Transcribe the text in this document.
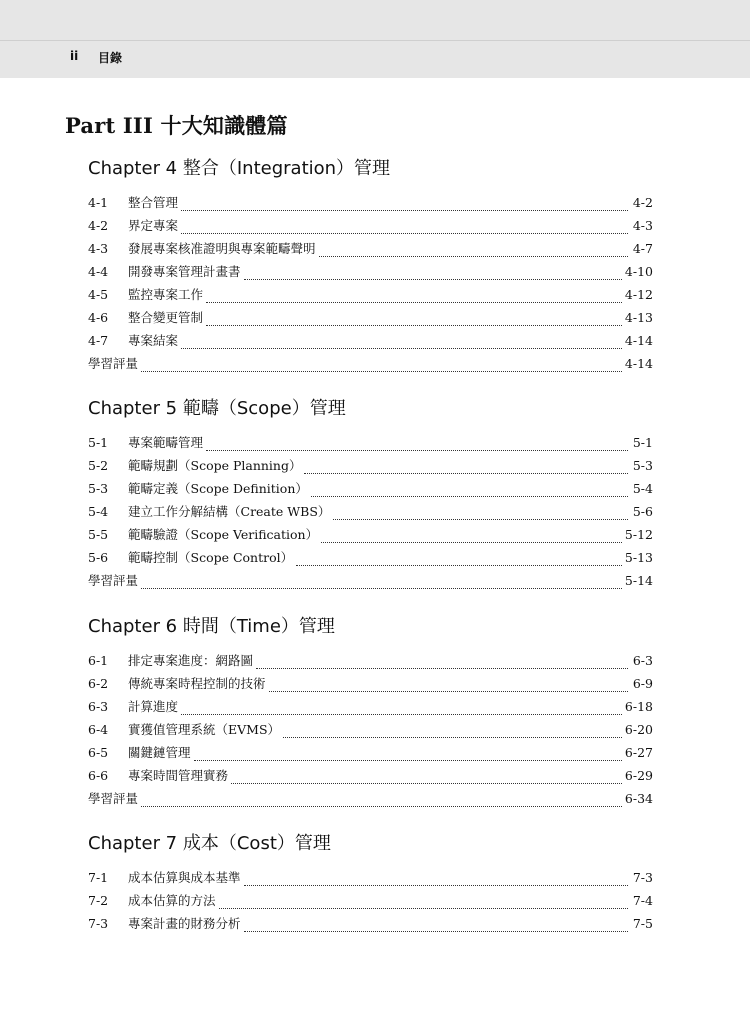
ii 目錄
Part III 十大知識體篇
Chapter 4 整合（Integration）管理
4-1	整合管理	4-2
4-2	界定專案	4-3
4-3	發展專案核准證明與專案範疇聲明	4-7
4-4	開發專案管理計畫書	4-10
4-5	監控專案工作	4-12
4-6	整合變更管制	4-13
4-7	專案結案	4-14
學習評量	4-14
Chapter 5 範疇（Scope）管理
5-1	專案範疇管理	5-1
5-2	範疇規劃（Scope Planning）	5-3
5-3	範疇定義（Scope Definition）	5-4
5-4	建立工作分解結構（Create WBS）	5-6
5-5	範疇驗證（Scope Verification）	5-12
5-6	範疇控制（Scope Control）	5-13
學習評量	5-14
Chapter 6 時間（Time）管理
6-1	排定專案進度：網路圖	6-3
6-2	傳統專案時程控制的技術	6-9
6-3	計算進度	6-18
6-4	實獲值管理系統（EVMS）	6-20
6-5	關鍵鏈管理	6-27
6-6	專案時間管理實務	6-29
學習評量	6-34
Chapter 7 成本（Cost）管理
7-1	成本估算與成本基準	7-3
7-2	成本估算的方法	7-4
7-3	專案計畫的財務分析	7-5
